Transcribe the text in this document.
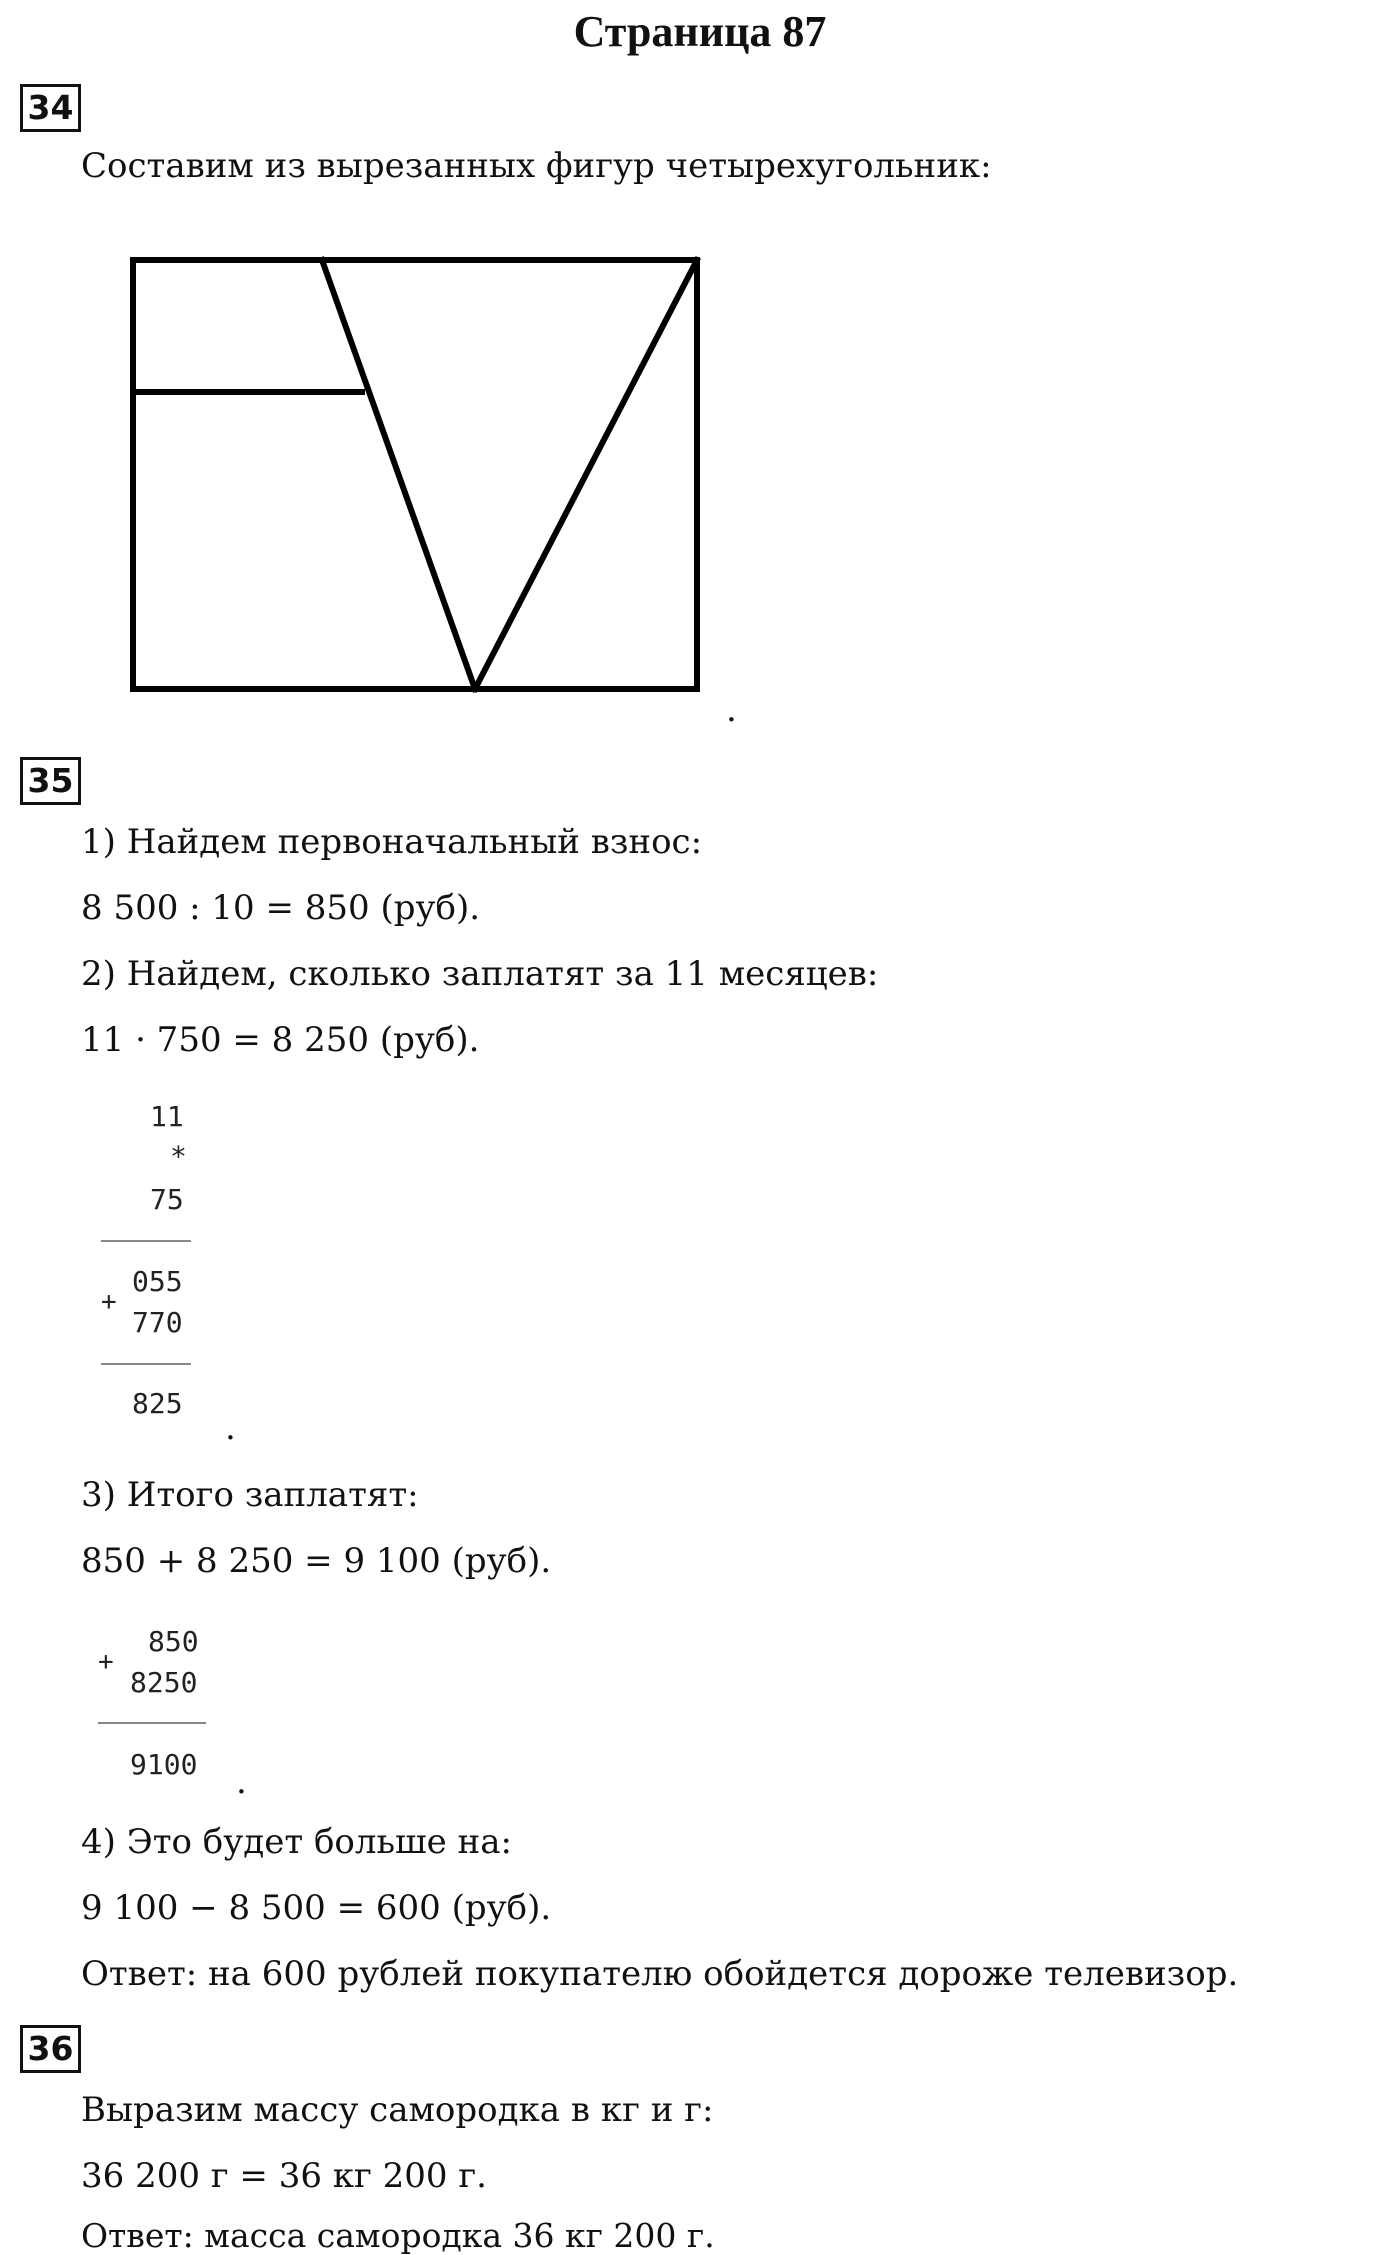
Страница 87
34
Составим из вырезанных фигур четырехугольник:
.
35
1) Найдем первоначальный взнос:
8 500 : 10 = 850 (руб).
2) Найдем, сколько заплатят за 11 месяцев:
11 · 750 = 8 250 (руб).
11
*
75
055
+
770
825
.
3) Итого заплатят:
850 + 8 250 = 9 100 (руб).
+
850
8250
9100 .
4) Это будет больше на:
9 100 − 8 500 = 600 (руб).
Ответ: на 600 рублей покупателю обойдется дороже телевизор.
36
Выразим массу самородка в кг и г:
36 200 г = 36 кг 200 г.
Ответ: масса самородка 36 кг 200 г.
